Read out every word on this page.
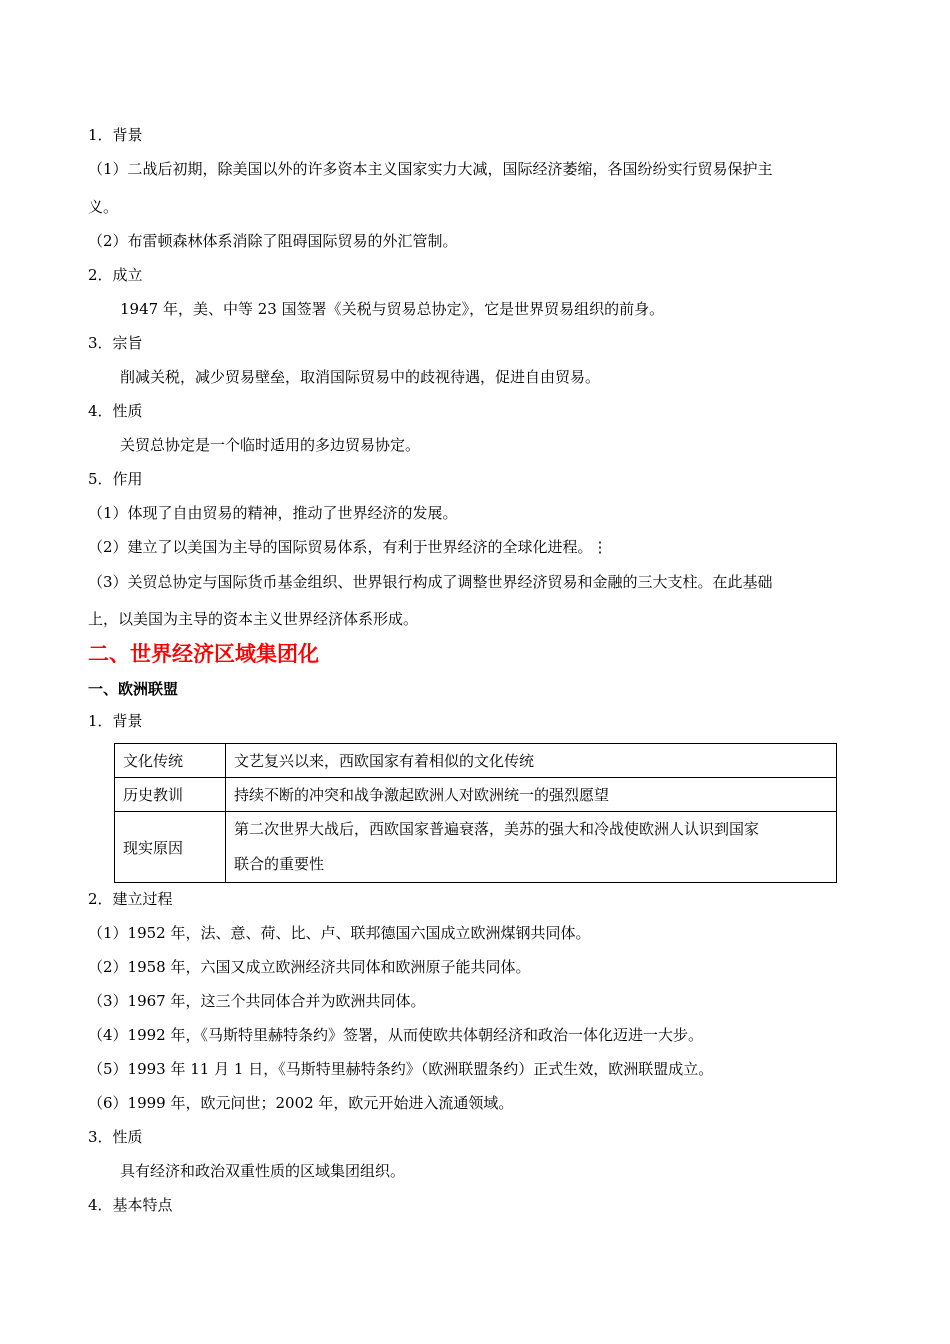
1．背景
（1）二战后初期，除美国以外的许多资本主义国家实力大减，国际经济萎缩，各国纷纷实行贸易保护主
义。
（2）布雷顿森林体系消除了阻碍国际贸易的外汇管制。
2．成立
1947 年，美、中等 23 国签署《关税与贸易总协定》，它是世界贸易组织的前身。
3．宗旨
削减关税，减少贸易壁垒，取消国际贸易中的歧视待遇，促进自由贸易。
4．性质
关贸总协定是一个临时适用的多边贸易协定。
5．作用
（1）体现了自由贸易的精神，推动了世界经济的发展。
（2）建立了以美国为主导的国际贸易体系，有利于世界经济的全球化进程。⋮
（3）关贸总协定与国际货币基金组织、世界银行构成了调整世界经济贸易和金融的三大支柱。在此基础
上，以美国为主导的资本主义世界经济体系形成。
二、世界经济区域集团化
一、欧洲联盟
1．背景
文化传统	文艺复兴以来，西欧国家有着相似的文化传统
历史教训	持续不断的冲突和战争激起欧洲人对欧洲统一的强烈愿望
现实原因	第二次世界大战后，西欧国家普遍衰落，美苏的强大和冷战使欧洲人认识到国家
联合的重要性
2．建立过程
（1）1952 年，法、意、荷、比、卢、联邦德国六国成立欧洲煤钢共同体。
（2）1958 年，六国又成立欧洲经济共同体和欧洲原子能共同体。
（3）1967 年，这三个共同体合并为欧洲共同体。
（4）1992 年，《马斯特里赫特条约》签署，从而使欧共体朝经济和政治一体化迈进一大步。
（5）1993 年 11 月 1 日，《马斯特里赫特条约》（欧洲联盟条约）正式生效，欧洲联盟成立。
（6）1999 年，欧元问世；2002 年，欧元开始进入流通领域。
3．性质
具有经济和政治双重性质的区域集团组织。
4．基本特点
